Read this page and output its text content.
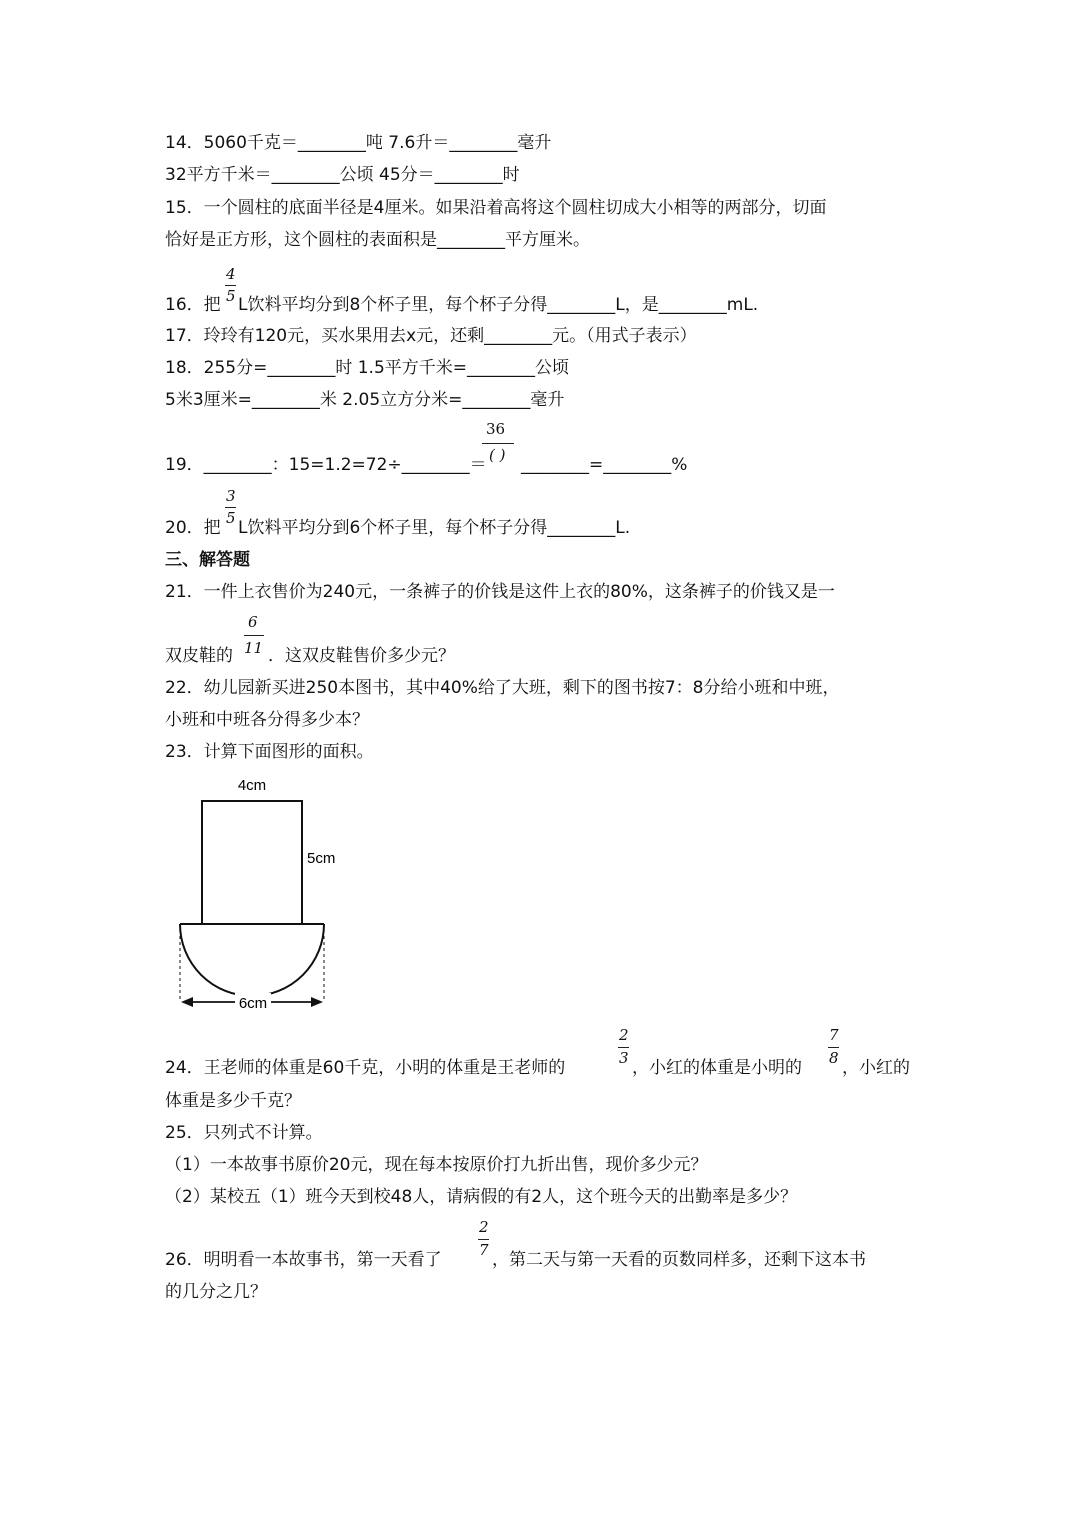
14．5060千克＝________吨 7.6升＝________毫升
32平方千米＝________公顷 45分＝________时
15．一个圆柱的底面半径是4厘米。如果沿着高将这个圆柱切成大小相等的两部分，切面
恰好是正方形，这个圆柱的表面积是________平方厘米。
16．把
4
5 L饮料平均分到8个杯子里，每个杯子分得________L，是________mL.
17．玲玲有120元，买水果用去x元，还剩________元。（用式子表示）
18．255分=________时 1.5平方千米=________公顷
5米3厘米=________米 2.05立方分米=________毫升
19．________：15=1.2=72÷________＝
36
( ) ________=________%
20．把
3
5 L饮料平均分到6个杯子里，每个杯子分得________L.
三、解答题
21．一件上衣售价为240元，一条裤子的价钱是这件上衣的80%，这条裤子的价钱又是一
双皮鞋的
6
11 ．这双皮鞋售价多少元？
22．幼儿园新买进250本图书，其中40%给了大班，剩下的图书按7：8分给小班和中班，
小班和中班各分得多少本？
23．计算下面图形的面积。
4cm
5cm
6cm
24．王老师的体重是60千克，小明的体重是王老师的
2
3 ，小红的体重是小明的
7
8 ，小红的
体重是多少千克？
25．只列式不计算。
（1）一本故事书原价20元，现在每本按原价打九折出售，现价多少元？
（2）某校五（1）班今天到校48人，请病假的有2人，这个班今天的出勤率是多少？
26．明明看一本故事书，第一天看了
2
7 ，第二天与第一天看的页数同样多，还剩下这本书
的几分之几？
